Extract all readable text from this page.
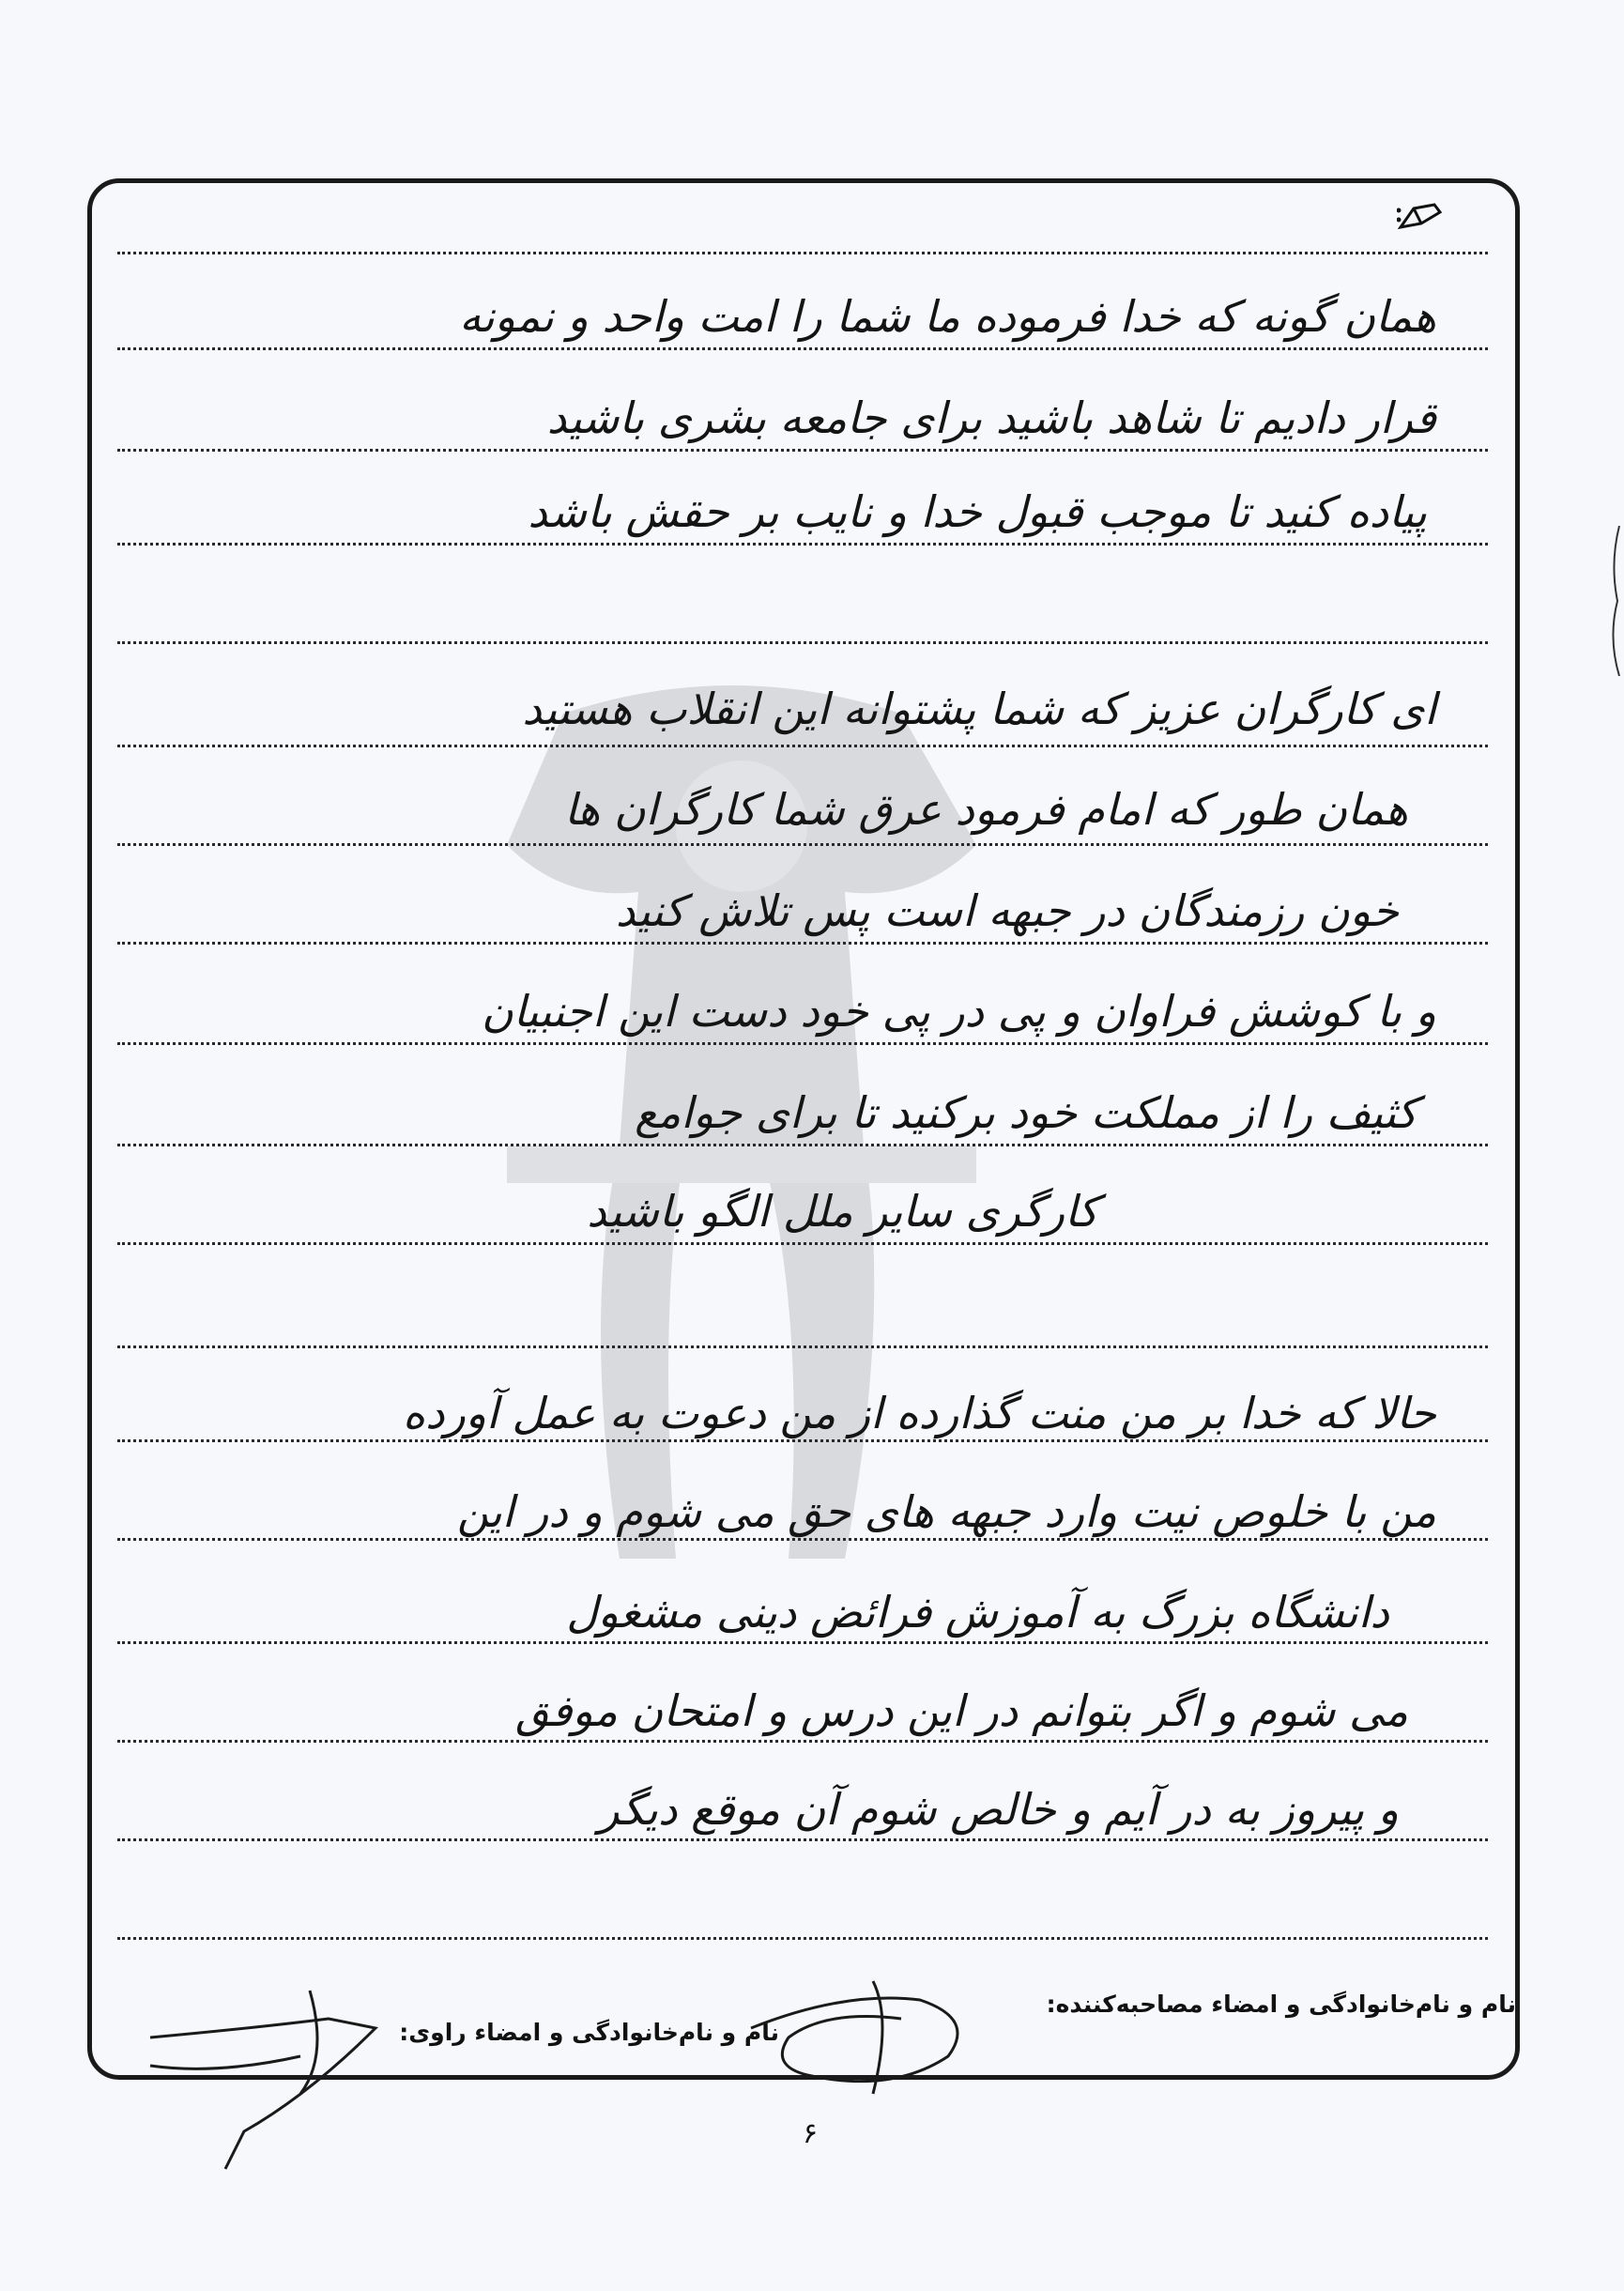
همان گونه که خدا فرموده ما شما را امت واحد و نمونه
قرار دادیم تا شاهد باشید برای جامعه بشری باشید
پیاده کنید تا موجب قبول خدا و نایب بر حقش باشد
ای کارگران عزیز که شما پشتوانه این انقلاب هستید
همان طور که امام فرمود عرق شما کارگران ها
خون رزمندگان در جبهه است پس تلاش کنید
و با کوشش فراوان و پی در پی خود دست این اجنبیان
کثیف را از مملکت خود برکنید تا برای جوامع
کارگری سایر ملل الگو باشید
حالا که خدا بر من منت گذارده از من دعوت به عمل آورده
من با خلوص نیت وارد جبهه های حق می شوم و در این
دانشگاه بزرگ به آموزش فرائض دینی مشغول
می شوم و اگر بتوانم در این درس و امتحان موفق
و پیروز به در آیم و خالص شوم آن موقع دیگر
نام و نام‌خانوادگی و امضاء مصاحبه‌کننده:
نام و نام‌خانوادگی و امضاء راوی:
۶
